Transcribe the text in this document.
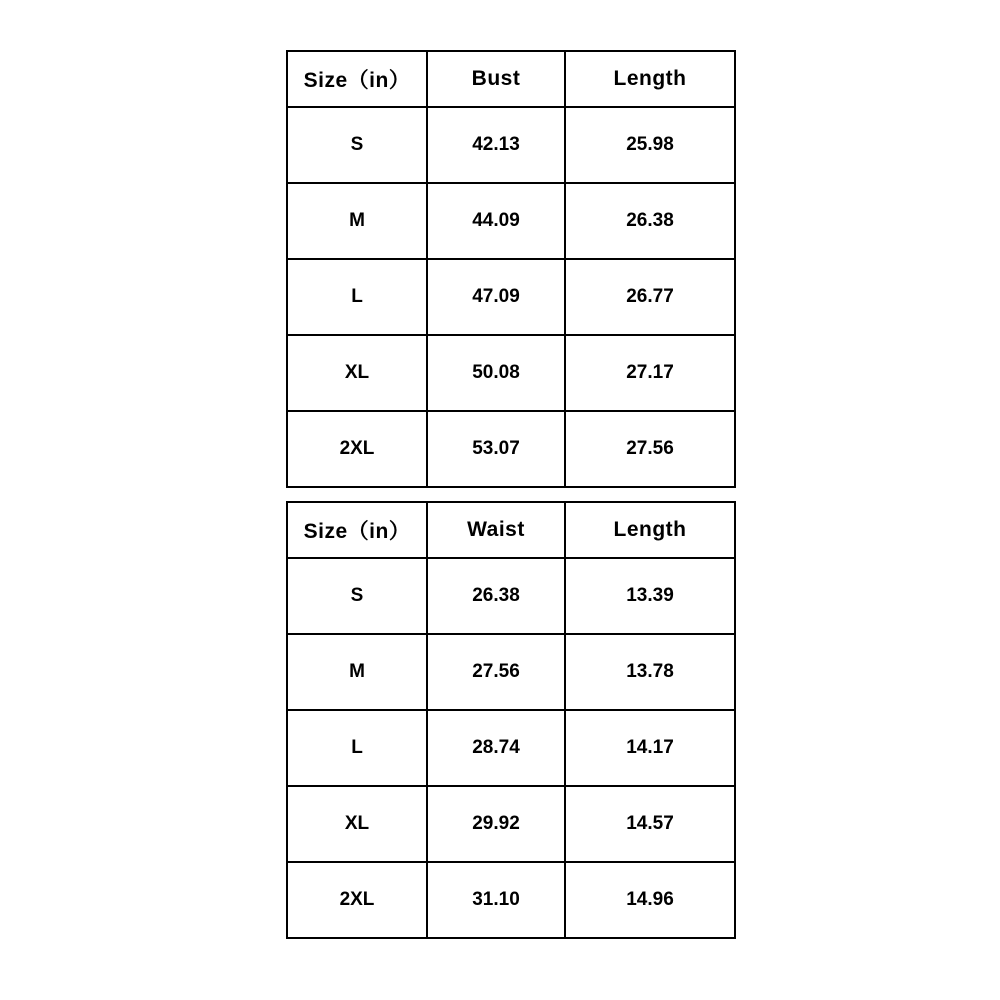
Size（in）	Bust	Length
S	42.13	25.98
M	44.09	26.38
L	47.09	26.77
XL	50.08	27.17
2XL	53.07	27.56
Size（in）	Waist	Length
S	26.38	13.39
M	27.56	13.78
L	28.74	14.17
XL	29.92	14.57
2XL	31.10	14.96
